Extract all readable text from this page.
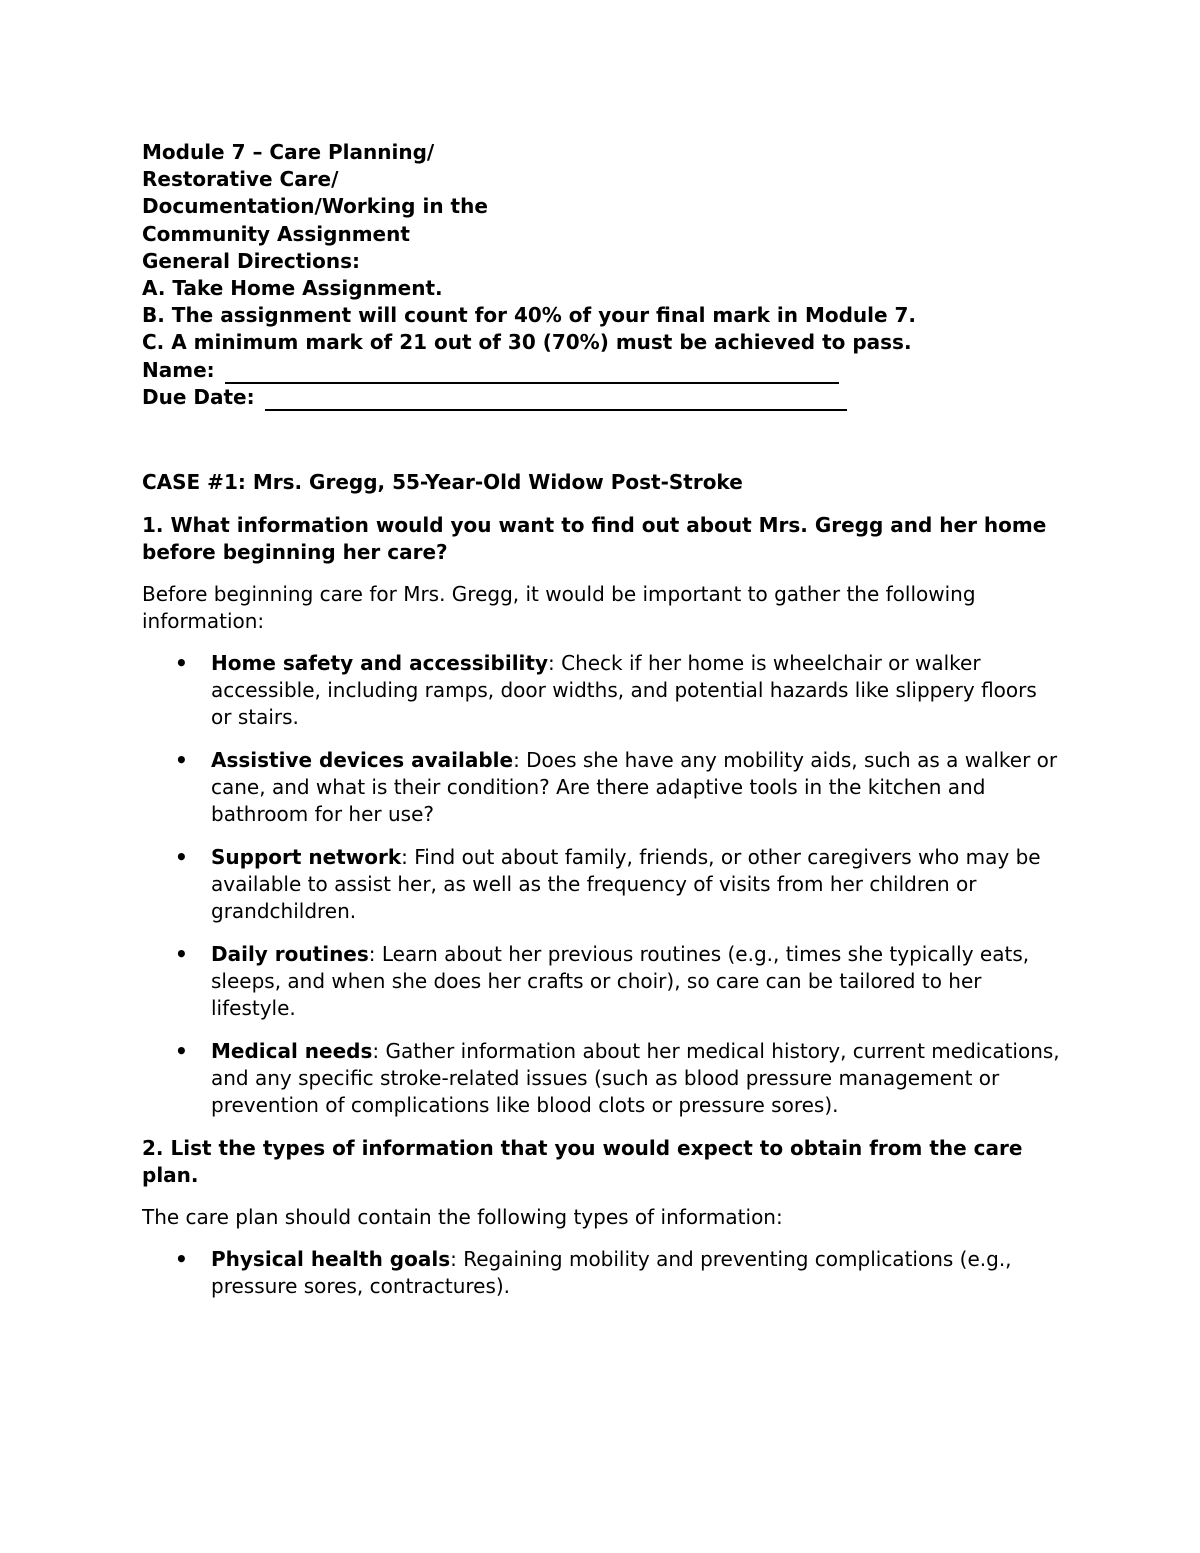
Module 7 – Care Planning/

Restorative Care/

Documentation/Working in the

Community Assignment

General Directions:

A. Take Home Assignment.

B. The assignment will count for 40% of your final mark in Module 7.

C. A minimum mark of 21 out of 30 (70%) must be achieved to pass.

Name:
Due Date:

CASE #1: Mrs. Gregg, 55-Year-Old Widow Post-Stroke

1. What information would you want to find out about Mrs. Gregg and her home before beginning her care?

Before beginning care for Mrs. Gregg, it would be important to gather the following information:

• Home safety and accessibility: Check if her home is wheelchair or walker accessible, including ramps, door widths, and potential hazards like slippery floors or stairs.
• Assistive devices available: Does she have any mobility aids, such as a walker or cane, and what is their condition? Are there adaptive tools in the kitchen and bathroom for her use?
• Support network: Find out about family, friends, or other caregivers who may be available to assist her, as well as the frequency of visits from her children or grandchildren.
• Daily routines: Learn about her previous routines (e.g., times she typically eats, sleeps, and when she does her crafts or choir), so care can be tailored to her lifestyle.
• Medical needs: Gather information about her medical history, current medications, and any specific stroke-related issues (such as blood pressure management or prevention of complications like blood clots or pressure sores).

2. List the types of information that you would expect to obtain from the care plan.

The care plan should contain the following types of information:

• Physical health goals: Regaining mobility and preventing complications (e.g., pressure sores, contractures).
